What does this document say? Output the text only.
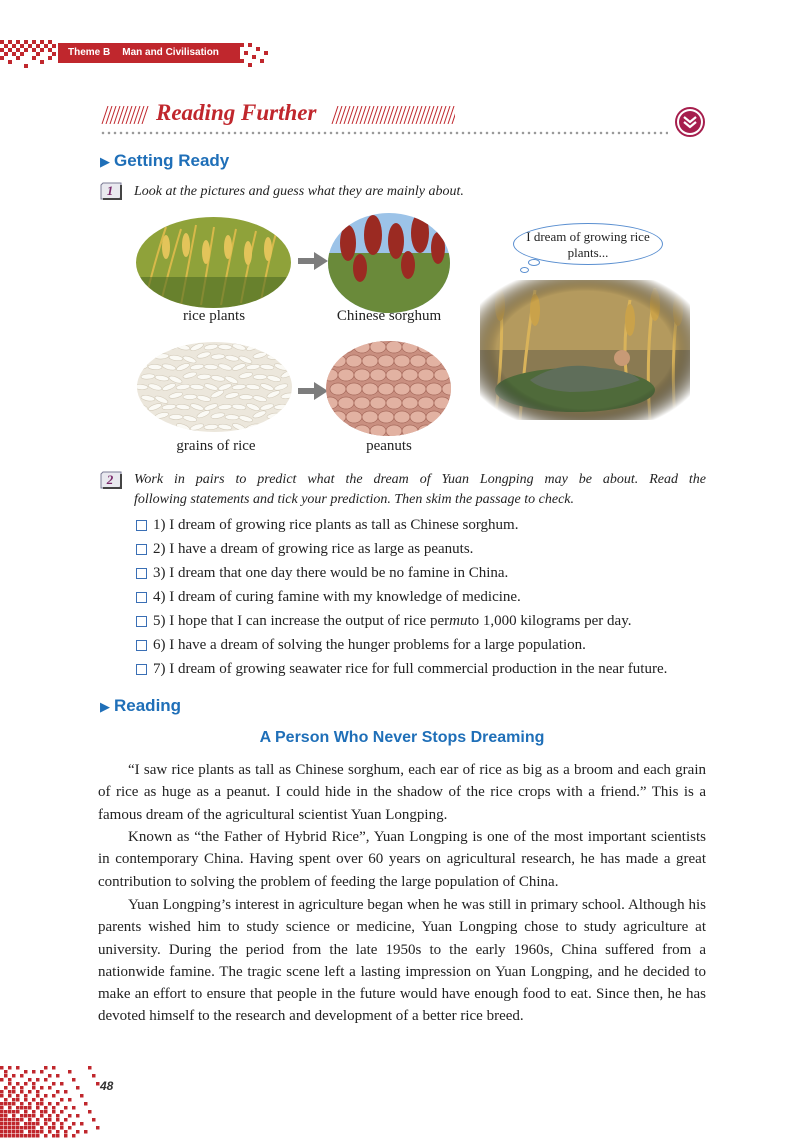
Theme B Man and Civilisation
Reading Further
▶ Getting Ready
1 Look at the pictures and guess what they are mainly about.
rice plants	Chinese sorghum
grains of rice	peanuts
I dream of growing rice plants...
2 Work in pairs to predict what the dream of Yuan Longping may be about. Read the
following statements and tick your prediction. Then skim the passage to check.
1) I dream of growing rice plants as tall as Chinese sorghum.
2) I have a dream of growing rice as large as peanuts.
3) I dream that one day there would be no famine in China.
4) I dream of curing famine with my knowledge of medicine.
5) I hope that I can increase the output of rice per mu to 1,000 kilograms per day.
6) I have a dream of solving the hunger problems for a large population.
7) I dream of growing seawater rice for full commercial production in the near future.
▶ Reading
A Person Who Never Stops Dreaming

“I saw rice plants as tall as Chinese sorghum, each ear of rice as big as a broom and each grain of rice as huge as a peanut. I could hide in the shadow of the rice crops with a friend.” This is a famous dream of the agricultural scientist Yuan Longping.

Known as “the Father of Hybrid Rice”, Yuan Longping is one of the most important scientists in contemporary China. Having spent over 60 years on agricultural research, he has made a great contribution to solving the problem of feeding the large population of China.

Yuan Longping’s interest in agriculture began when he was still in primary school. Although his parents wished him to study science or medicine, Yuan Longping chose to study agriculture at university. During the period from the late 1950s to the early 1960s, China suffered from a nationwide famine. The tragic scene left a lasting impression on Yuan Longping, and he decided to make an effort to ensure that people in the future would have enough food to eat. Since then, he has devoted himself to the research and development of a better rice breed.

48
